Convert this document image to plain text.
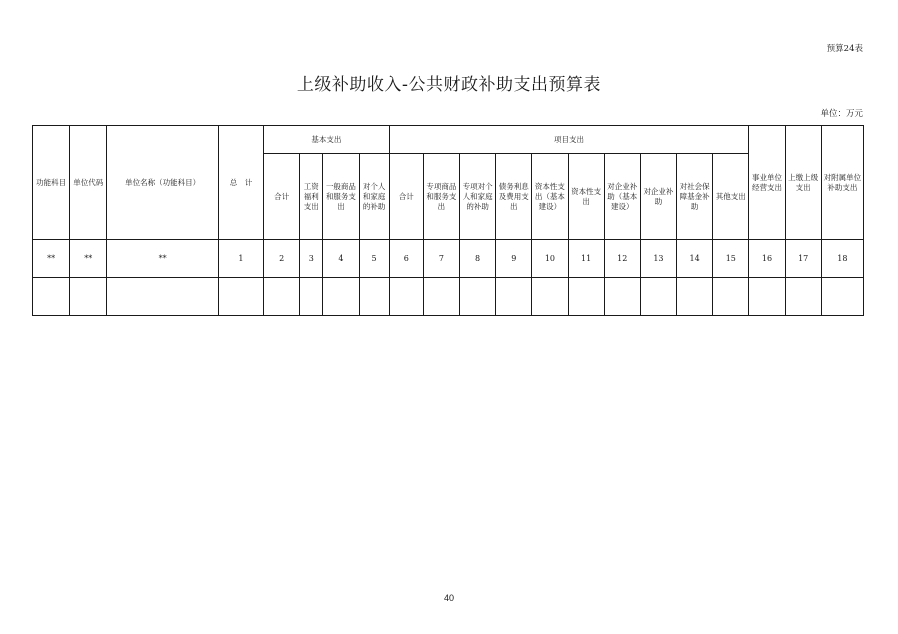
预算24表
上级补助收入-公共财政补助支出预算表
单位：万元
功能科目	单位代码	单位名称（功能科目）	总　计	基本支出				项目支出										事业单位经营支出	上缴上级支出	对附属单位补助支出
				合计	工资福利支出	一般商品和服务支出	对个人和家庭的补助	合计	专项商品和服务支出	专项对个人和家庭的补助	债务利息及费用支出	资本性支出（基本建设）	资本性支出	对企业补助（基本建设）	对企业补助	对社会保障基金补助	其他支出			
**	**	**	1	2	3	4	5	6	7	8	9	10	11	12	13	14	15	16	17	18

40
